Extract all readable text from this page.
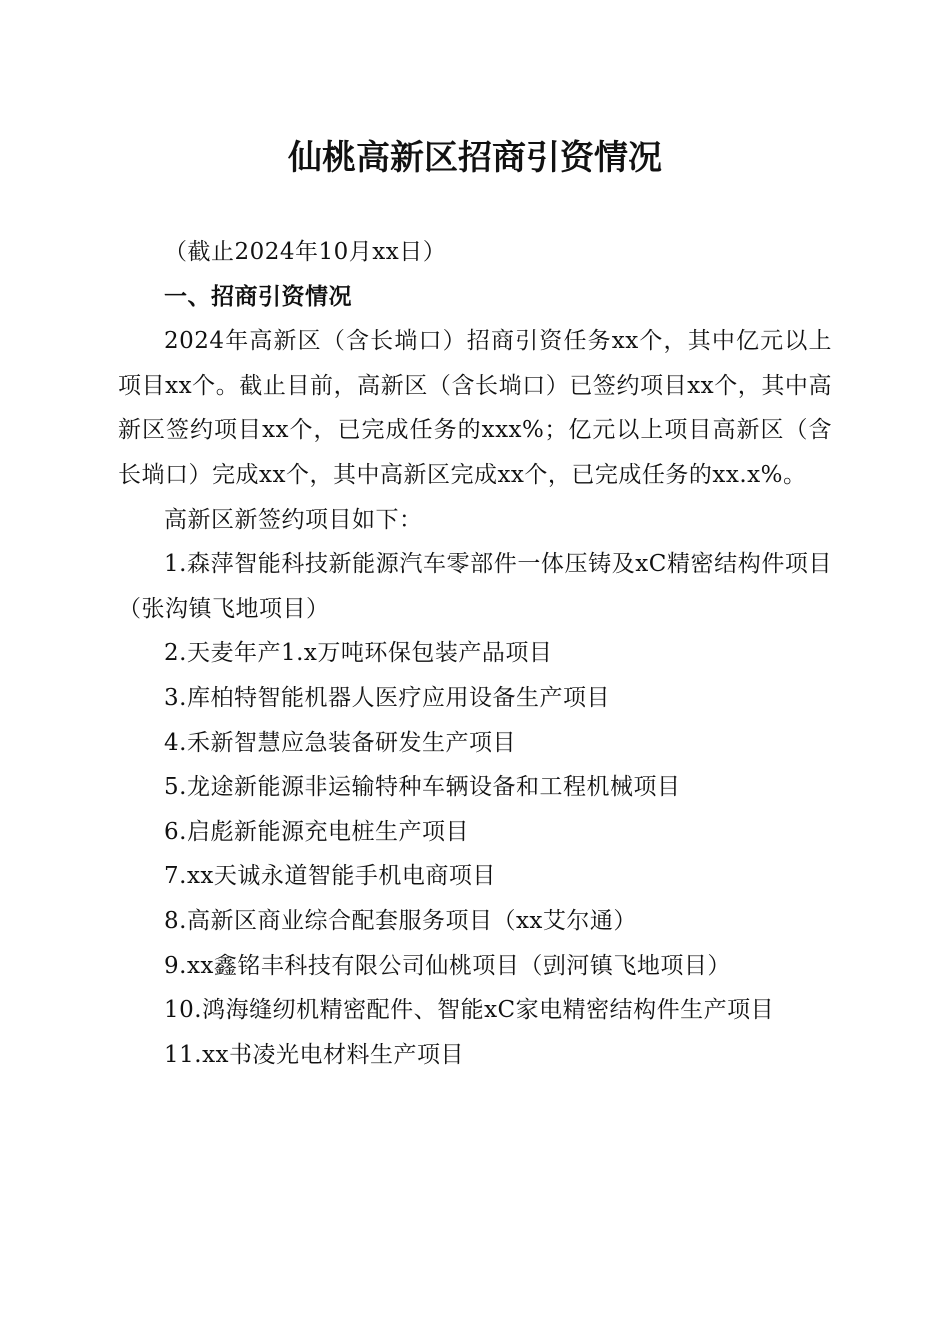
仙桃高新区招商引资情况

（截止2024年10月xx日）

一、招商引资情况

2024年高新区（含长埫口）招商引资任务xx个，其中亿元以上项目xx个。截止目前，高新区（含长埫口）已签约项目xx个，其中高新区签约项目xx个，已完成任务的xxx%；亿元以上项目高新区（含长埫口）完成xx个，其中高新区完成xx个，已完成任务的xx.x%。

高新区新签约项目如下：

1.森萍智能科技新能源汽车零部件一体压铸及xC精密结构件项目（张沟镇飞地项目）

2.天麦年产1.x万吨环保包装产品项目

3.库柏特智能机器人医疗应用设备生产项目

4.禾新智慧应急装备研发生产项目

5.龙途新能源非运输特种车辆设备和工程机械项目

6.启彪新能源充电桩生产项目

7.xx天诚永道智能手机电商项目

8.高新区商业综合配套服务项目（xx艾尔通）

9.xx鑫铭丰科技有限公司仙桃项目（剅河镇飞地项目）

10.鸿海缝纫机精密配件、智能xC家电精密结构件生产项目

11.xx书凌光电材料生产项目
